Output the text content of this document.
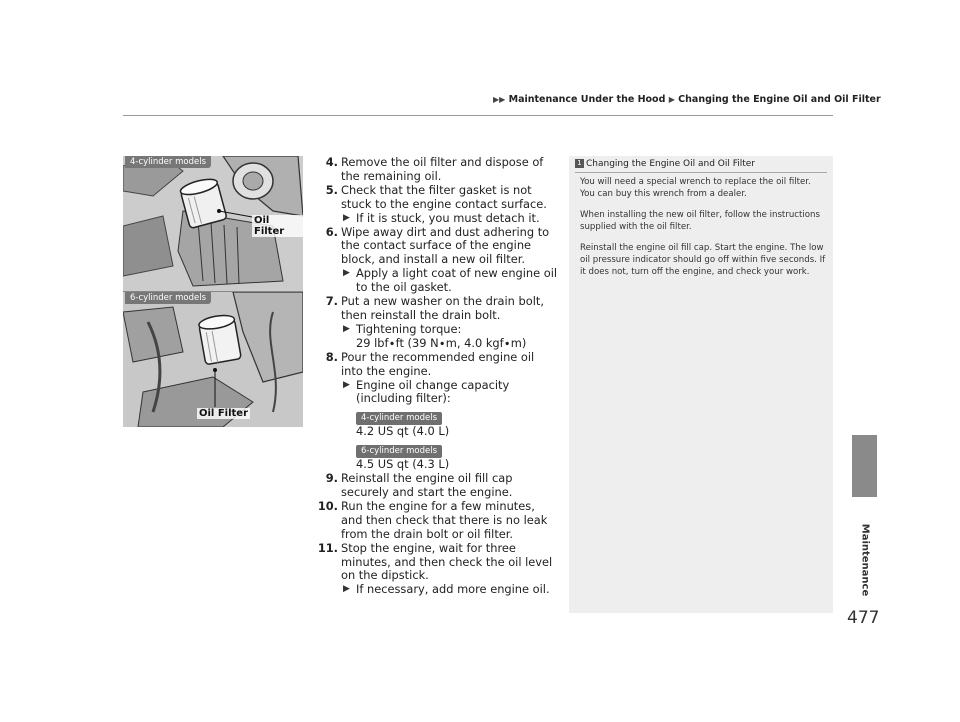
▶▶ Maintenance Under the Hood ▶ Changing the Engine Oil and Oil Filter
Maintenance
477
4-cylinder models
Oil Filter
6-cylinder models
Oil Filter
4. Remove the oil filter and dispose of the remaining oil.
5. Check that the filter gasket is not stuck to the engine contact surface.
▶ If it is stuck, you must detach it.
6. Wipe away dirt and dust adhering to the contact surface of the engine block, and install a new oil filter.
▶ Apply a light coat of new engine oil to the oil gasket.
7. Put a new washer on the drain bolt, then reinstall the drain bolt.
▶ Tightening torque:
29 lbf∙ft (39 N∙m, 4.0 kgf∙m)
8. Pour the recommended engine oil into the engine.
▶ Engine oil change capacity (including filter):
4-cylinder models
4.2 US qt (4.0 L)
6-cylinder models
4.5 US qt (4.3 L)
9. Reinstall the engine oil fill cap securely and start the engine.
10. Run the engine for a few minutes, and then check that there is no leak from the drain bolt or oil filter.
11. Stop the engine, wait for three minutes, and then check the oil level on the dipstick.
▶ If necessary, add more engine oil.
1 Changing the Engine Oil and Oil Filter

You will need a special wrench to replace the oil filter. You can buy this wrench from a dealer.

When installing the new oil filter, follow the instructions supplied with the oil filter.

Reinstall the engine oil fill cap. Start the engine. The low oil pressure indicator should go off within five seconds. If it does not, turn off the engine, and check your work.
